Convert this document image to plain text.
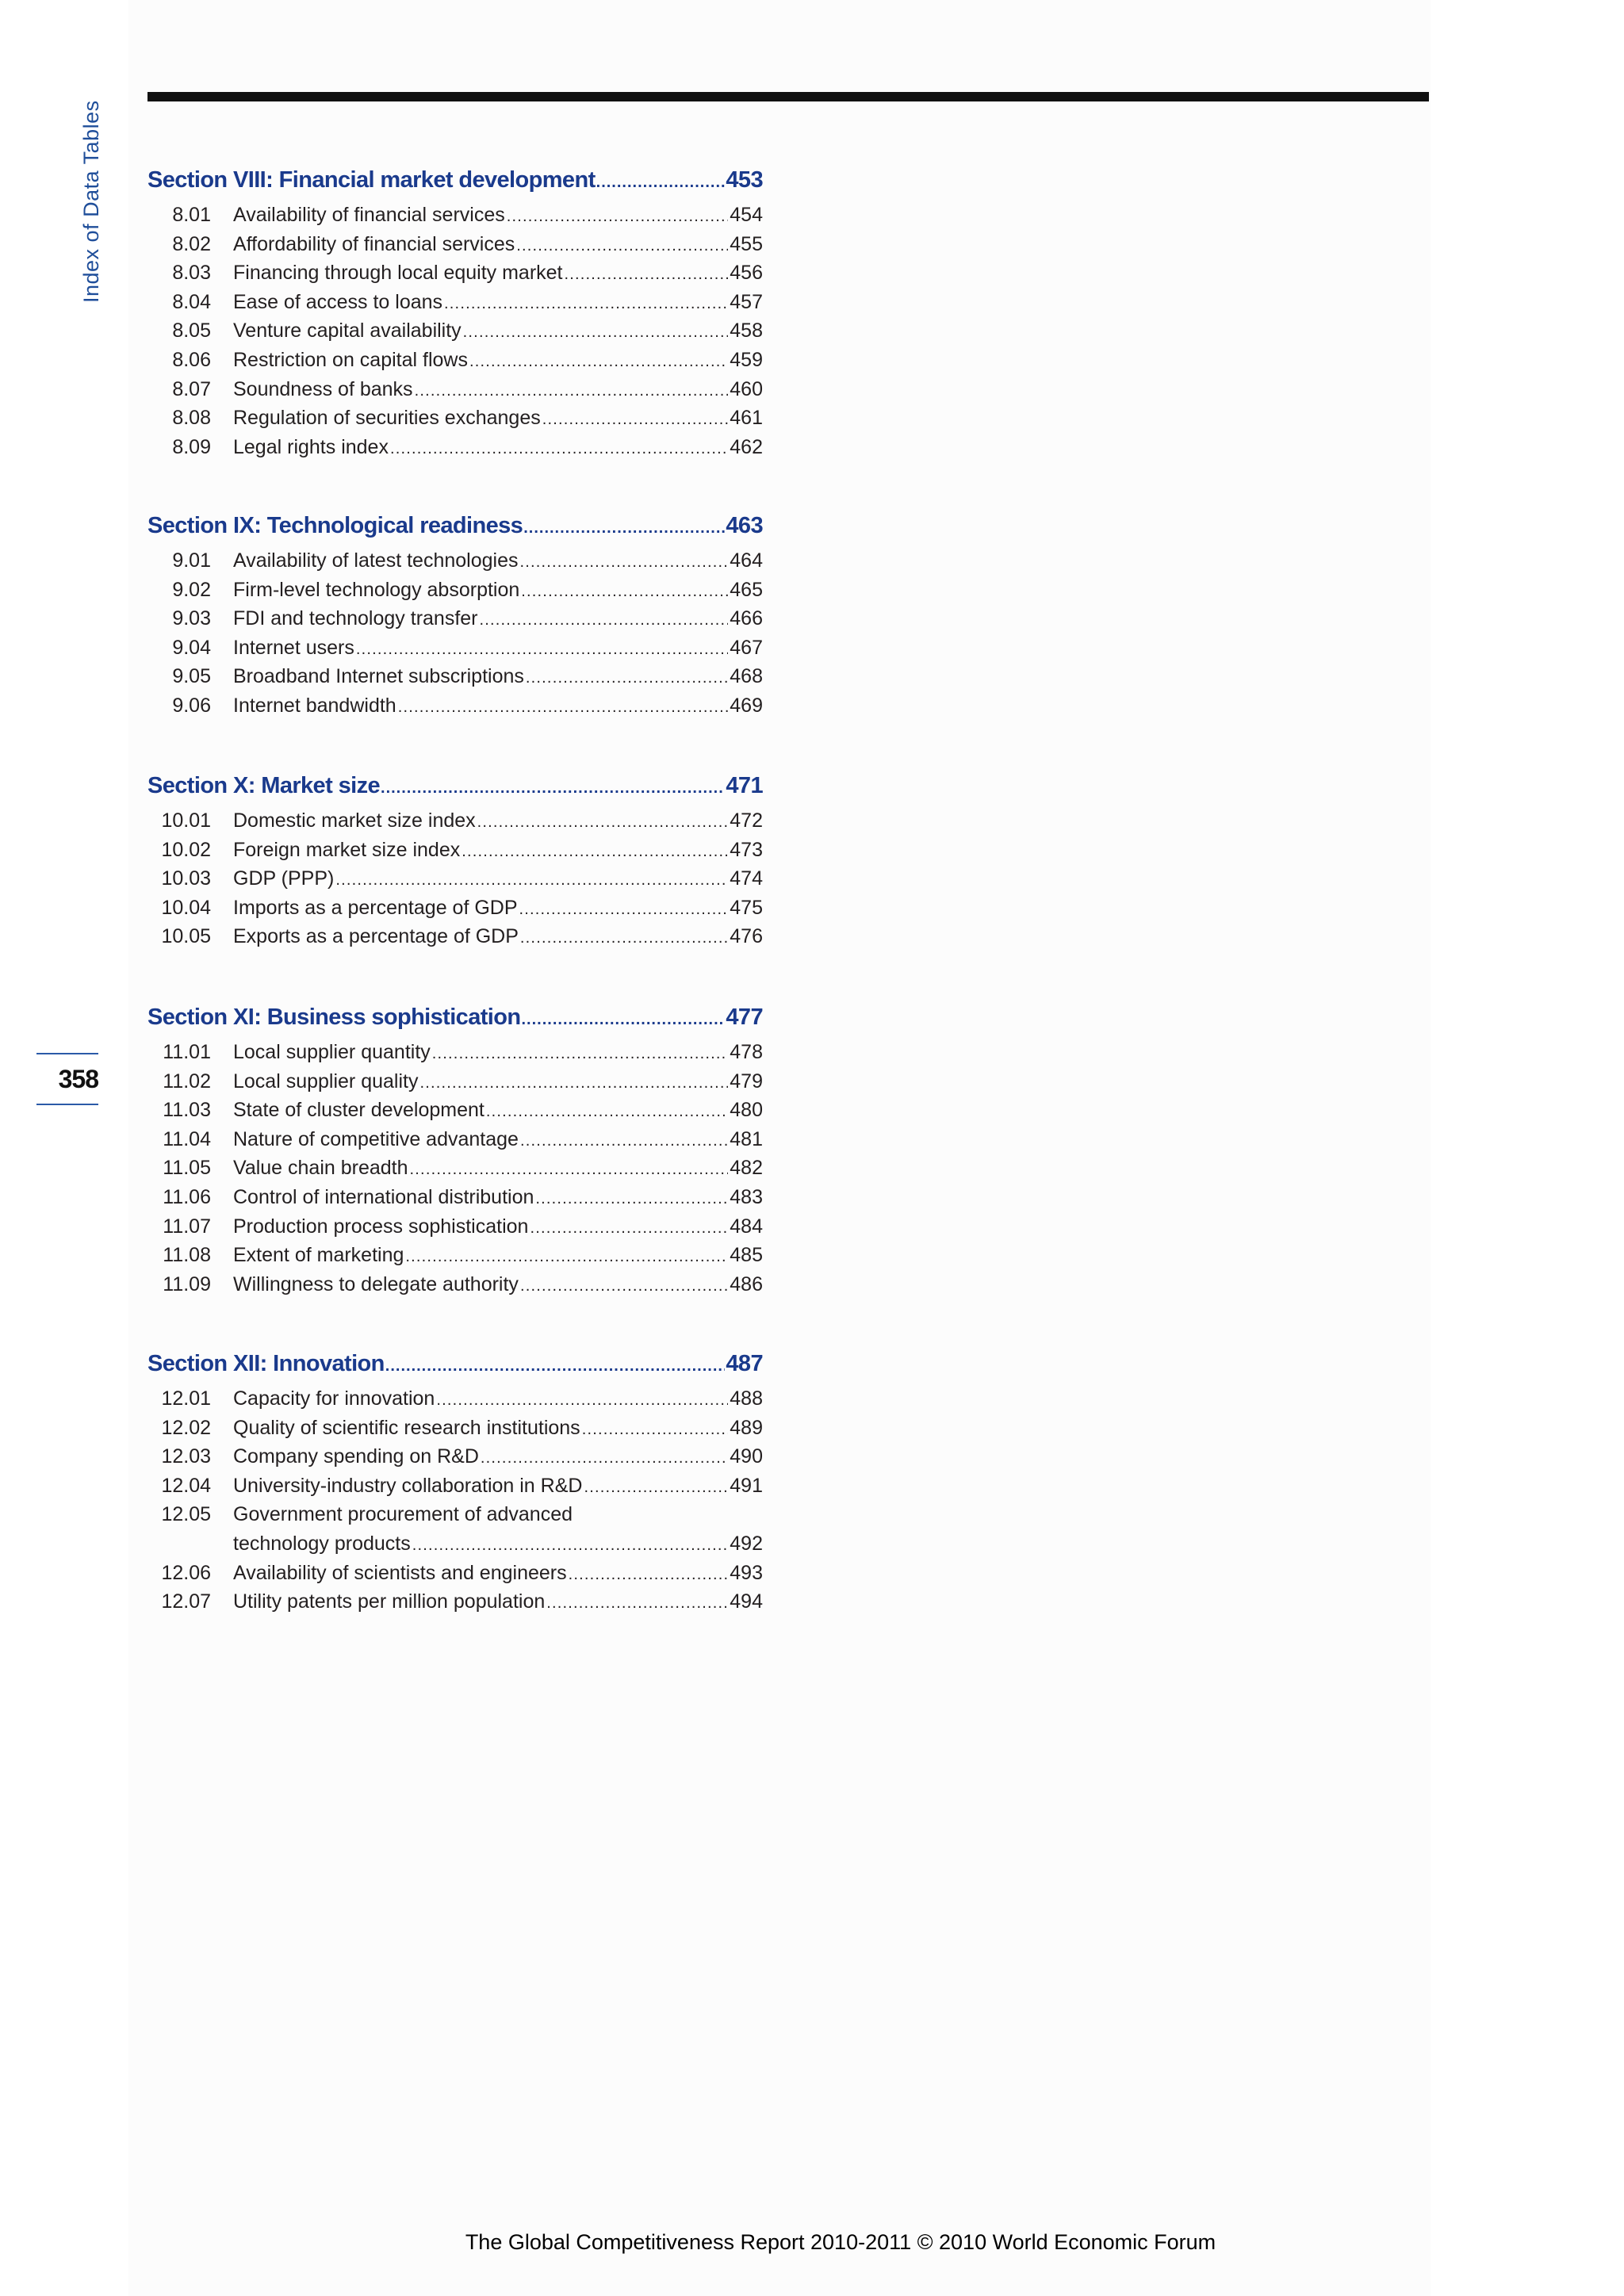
Index of Data Tables
358
Section VIII: Financial market development .....	453
8.01 Availability of financial services .....	454
8.02 Affordability of financial services .....	455
8.03 Financing through local equity market .....	456
8.04 Ease of access to loans .....	457
8.05 Venture capital availability .....	458
8.06 Restriction on capital flows .....	459
8.07 Soundness of banks .....	460
8.08 Regulation of securities exchanges .....	461
8.09 Legal rights index .....	462
Section IX: Technological readiness .....	463
9.01 Availability of latest technologies .....	464
9.02 Firm-level technology absorption .....	465
9.03 FDI and technology transfer .....	466
9.04 Internet users .....	467
9.05 Broadband Internet subscriptions .....	468
9.06 Internet bandwidth .....	469
Section X: Market size .....	471
10.01 Domestic market size index .....	472
10.02 Foreign market size index .....	473
10.03 GDP (PPP) .....	474
10.04 Imports as a percentage of GDP .....	475
10.05 Exports as a percentage of GDP .....	476
Section XI: Business sophistication .....	477
11.01 Local supplier quantity .....	478
11.02 Local supplier quality .....	479
11.03 State of cluster development .....	480
11.04 Nature of competitive advantage .....	481
11.05 Value chain breadth .....	482
11.06 Control of international distribution .....	483
11.07 Production process sophistication .....	484
11.08 Extent of marketing .....	485
11.09 Willingness to delegate authority .....	486
Section XII: Innovation .....	487
12.01 Capacity for innovation .....	488
12.02 Quality of scientific research institutions .....	489
12.03 Company spending on R&D .....	490
12.04 University-industry collaboration in R&D .....	491
12.05 Government procurement of advanced
technology products .....	492
12.06 Availability of scientists and engineers .....	493
12.07 Utility patents per million population .....	494
The Global Competitiveness Report 2010-2011 © 2010 World Economic Forum
